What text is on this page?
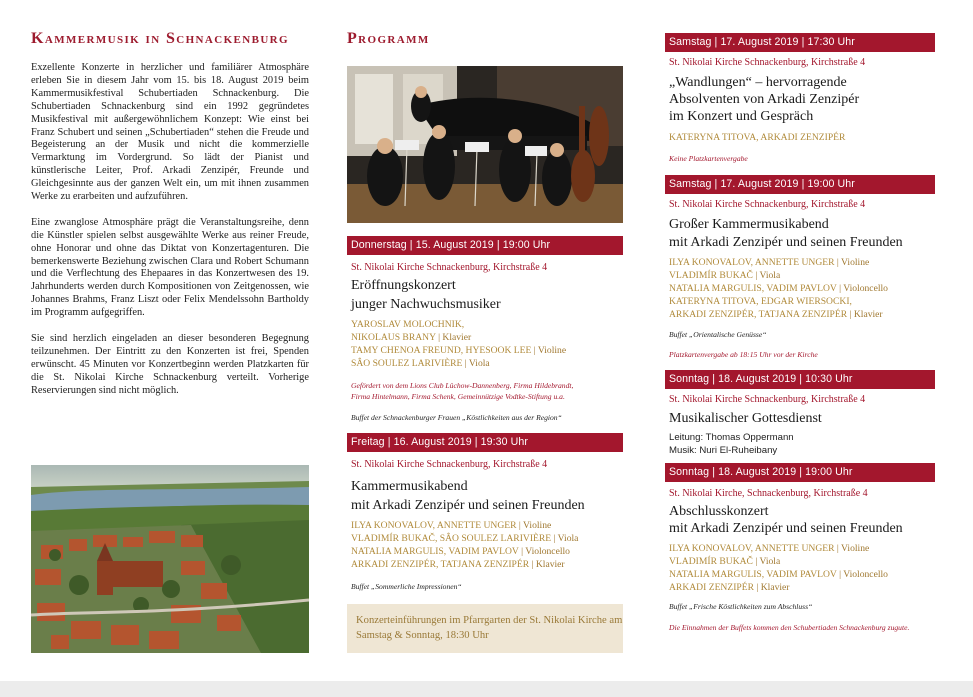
Kammermusik in Schnackenburg

Exzellente Konzerte in herzlicher und familiärer Atmosphäre erleben Sie in diesem Jahr vom 15. bis 18. August 2019 beim Kammermusikfestival Schubertiaden Schnackenburg. Die Schubertiaden Schnackenburg sind ein 1992 gegründetes Musikfestival mit außergewöhnlichem Konzept: Wie einst bei Franz Schubert und seinen „Schubertiaden“ stehen die Freude und Begeisterung an der Musik und nicht die kommerzielle Vermarktung im Vordergrund. So lädt der Pianist und künstlerische Leiter, Prof. Arkadi Zenzipér, Freunde und Gleichgesinnte aus der ganzen Welt ein, um mit ihnen zusammen Werke zu erarbeiten und aufzuführen.

Eine zwanglose Atmosphäre prägt die Veranstaltungsreihe, denn die Künstler spielen selbst ausgewählte Werke aus reiner Freude, ohne Honorar und ohne das Diktat von Konzertagenturen. Die bemerkenswerte Beziehung zwischen Clara und Robert Schumann und die Verflechtung des Ehepaares in das Konzertwesen des 19. Jahrhunderts werden durch Kompositionen von Zeitgenossen, wie Johannes Brahms, Franz Liszt oder Felix Mendelssohn Bartholdy im Programm aufgegriffen.

Sie sind herzlich eingeladen an dieser besonderen Begegnung teilzunehmen. Der Eintritt zu den Konzerten ist frei, Spenden erwünscht. 45 Minuten vor Konzertbeginn werden Platzkarten für die St. Nikolai Kirche Schnackenburg verteilt. Vorherige Reservierungen sind nicht möglich.

Programm
Donnerstag | 15. August 2019 | 19:00 Uhr
St. Nikolai Kirche Schnackenburg, Kirchstraße 4
Eröffnungskonzert
junger Nachwuchsmusiker
YAROSLAV MOLOCHNIK,
NIKOLAUS BRANY | Klavier
TAMY CHENOA FREUND, HYESOOK LEE | Violine
SÂO SOULEZ LARIVIÈRE | Viola
Gefördert von dem Lions Club Lüchow-Dannenberg, Firma Hildebrandt,
Firma Hintelmann, Firma Schenk, Gemeinnützige Vodtke-Stiftung u.a.
Buffet der Schnackenburger Frauen „Köstlichkeiten aus der Region“
Freitag | 16. August 2019 | 19:30 Uhr
St. Nikolai Kirche Schnackenburg, Kirchstraße 4
Kammermusikabend
mit Arkadi Zenzipér und seinen Freunden
ILYA KONOVALOV, ANNETTE UNGER | Violine
VLADIMÍR BUKAČ, SÂO SOULEZ LARIVIÈRE | Viola
NATALIA MARGULIS, VADIM PAVLOV | Violoncello
ARKADI ZENZIPÉR, TATJANA ZENZIPÉR | Klavier
Buffet „Sommerliche Impressionen“
Konzerteinführungen im Pfarrgarten der St. Nikolai Kirche am Samstag & Sonntag, 18:30 Uhr
Samstag | 17. August 2019 | 17:30 Uhr
St. Nikolai Kirche Schnackenburg, Kirchstraße 4
„Wandlungen“ – hervorragende
Absolventen von Arkadi Zenzipér
im Konzert und Gespräch
KATERYNA TITOVA, ARKADI ZENZIPÉR
Keine Platzkartenvergabe
Samstag | 17. August 2019 | 19:00 Uhr
St. Nikolai Kirche Schnackenburg, Kirchstraße 4
Großer Kammermusikabend
mit Arkadi Zenzipér und seinen Freunden
ILYA KONOVALOV, ANNETTE UNGER | Violine
VLADIMÍR BUKAČ | Viola
NATALIA MARGULIS, VADIM PAVLOV | Violoncello
KATERYNA TITOVA, EDGAR WIERSOCKI,
ARKADI ZENZIPÉR, TATJANA ZENZIPÉR | Klavier
Buffet „Orientalische Genüsse“
Platzkartenvergabe ab 18:15 Uhr vor der Kirche
Sonntag | 18. August 2019 | 10:30 Uhr
St. Nikolai Kirche Schnackenburg, Kirchstraße 4
Musikalischer Gottesdienst
Leitung: Thomas Oppermann
Musik: Nuri El-Ruheibany
Sonntag | 18. August 2019 | 19:00 Uhr
St. Nikolai Kirche, Schnackenburg, Kirchstraße 4
Abschlusskonzert
mit Arkadi Zenzipér und seinen Freunden
ILYA KONOVALOV, ANNETTE UNGER | Violine
VLADIMÍR BUKAČ | Viola
NATALIA MARGULIS, VADIM PAVLOV | Violoncello
ARKADI ZENZIPÉR | Klavier
Buffet „Frische Köstlichkeiten zum Abschluss“
Die Einnahmen der Buffets kommen den Schubertiaden Schnackenburg zugute.
